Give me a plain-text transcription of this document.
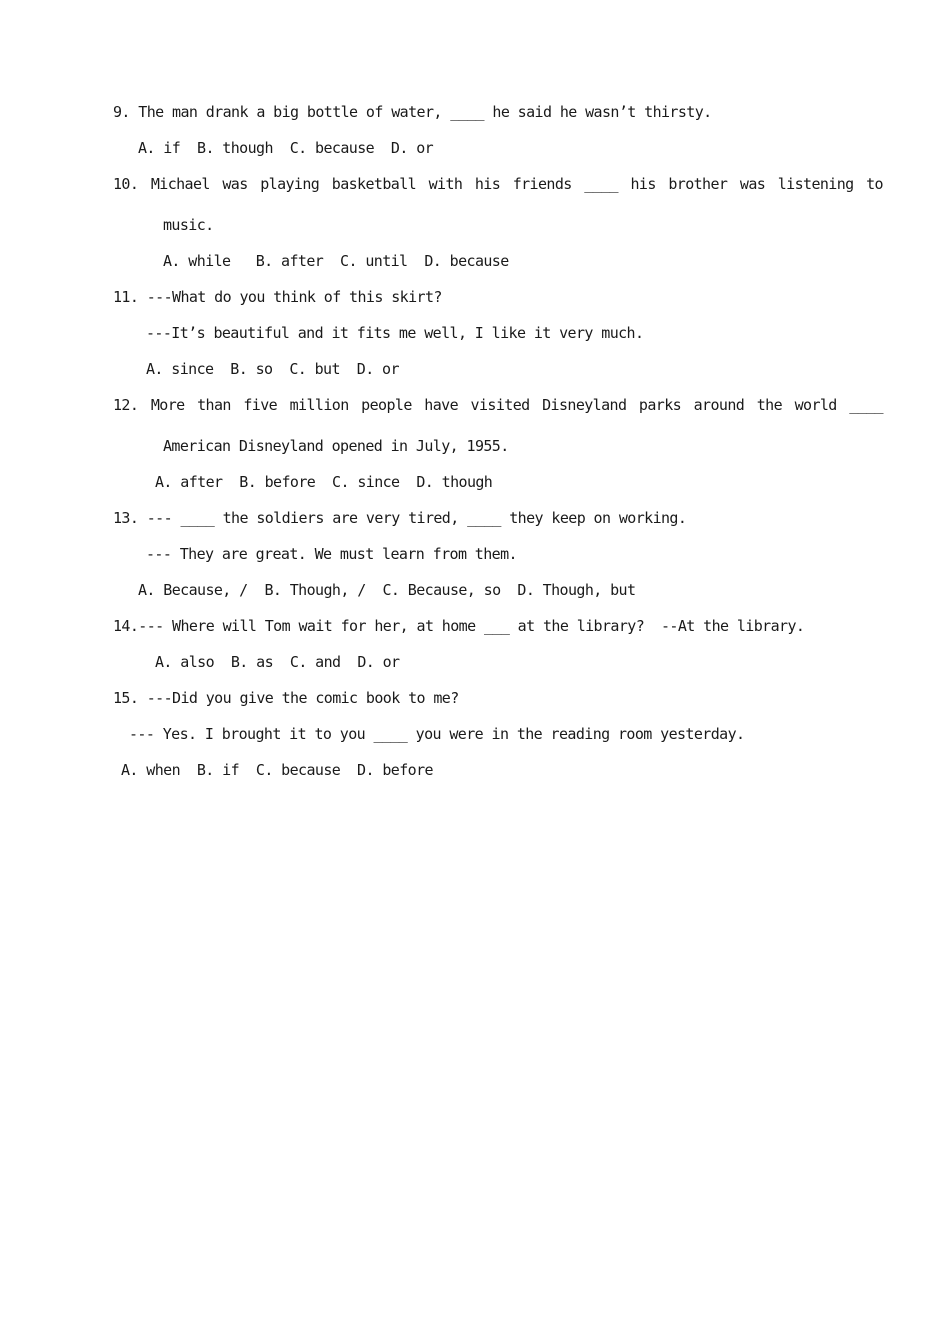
9. The man drank a big bottle of water, ____ he said he wasn’t thirsty.
A. if  B. though  C. because  D. or
10. Michael was playing basketball with his friends ____ his brother was listening to
music.
A. while   B. after  C. until  D. because
11. ---What do you think of this skirt?
---It’s beautiful and it fits me well, I like it very much.
A. since  B. so  C. but  D. or
12. More than five million people have visited Disneyland parks around the world ____
American Disneyland opened in July, 1955.
A. after  B. before  C. since  D. though
13. --- ____ the soldiers are very tired, ____ they keep on working.
--- They are great. We must learn from them.
A. Because, /  B. Though, /  C. Because, so  D. Though, but
14.--- Where will Tom wait for her, at home ___ at the library?  --At the library.
A. also  B. as  C. and  D. or
15. ---Did you give the comic book to me?
--- Yes. I brought it to you ____ you were in the reading room yesterday.
A. when  B. if  C. because  D. before
